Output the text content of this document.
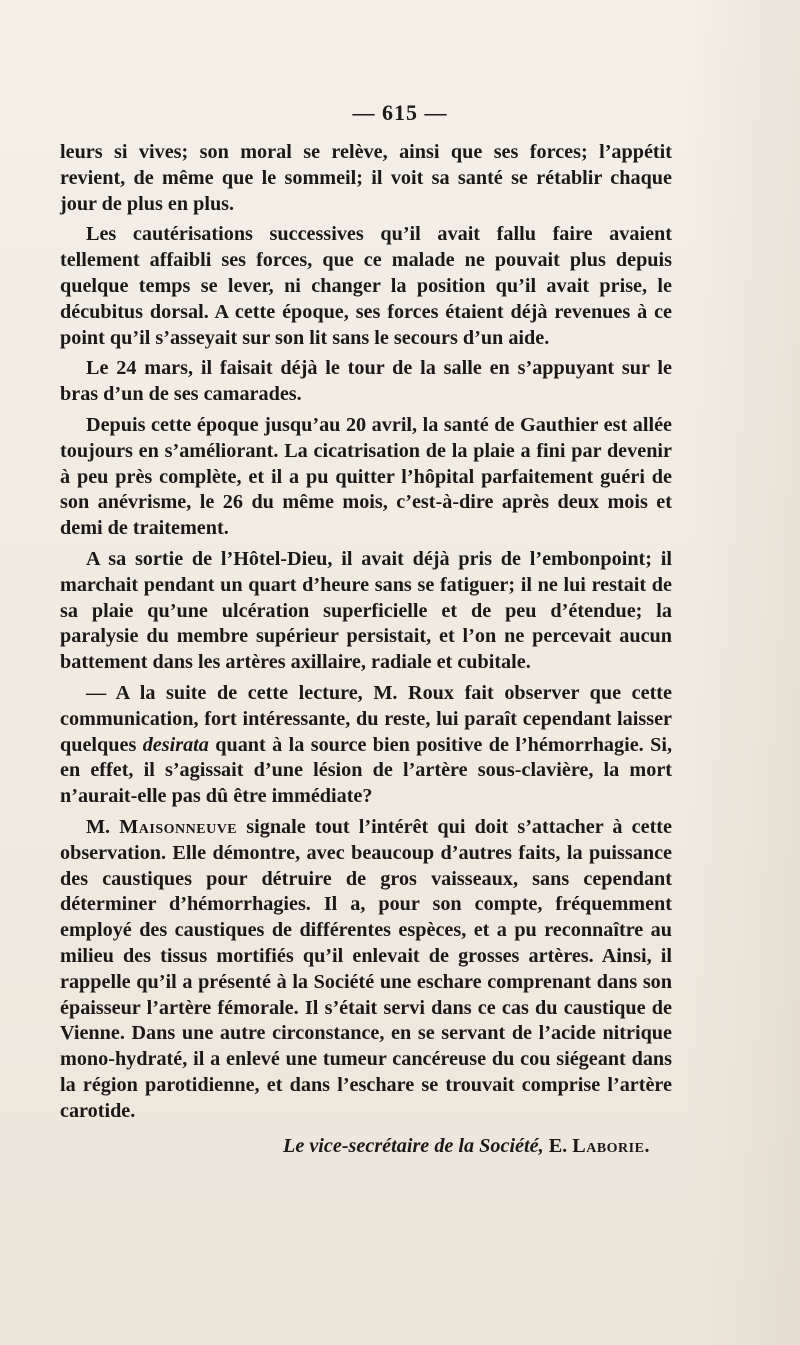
— 615 —

leurs si vives; son moral se relève, ainsi que ses forces; l’appétit revient, de même que le sommeil; il voit sa santé se rétablir chaque jour de plus en plus.

Les cautérisations successives qu’il avait fallu faire avaient tellement affaibli ses forces, que ce malade ne pouvait plus depuis quelque temps se lever, ni changer la position qu’il avait prise, le décubitus dorsal. A cette époque, ses forces étaient déjà revenues à ce point qu’il s’asseyait sur son lit sans le secours d’un aide.

Le 24 mars, il faisait déjà le tour de la salle en s’appuyant sur le bras d’un de ses camarades.

Depuis cette époque jusqu’au 20 avril, la santé de Gauthier est allée toujours en s’améliorant. La cicatrisation de la plaie a fini par devenir à peu près complète, et il a pu quitter l’hôpital parfaitement guéri de son anévrisme, le 26 du même mois, c’est-à-dire après deux mois et demi de traitement.

A sa sortie de l’Hôtel-Dieu, il avait déjà pris de l’embonpoint; il marchait pendant un quart d’heure sans se fatiguer; il ne lui restait de sa plaie qu’une ulcération superficielle et de peu d’étendue; la paralysie du membre supérieur persistait, et l’on ne percevait aucun battement dans les artères axillaire, radiale et cubitale.

— A la suite de cette lecture, M. Roux fait observer que cette communication, fort intéressante, du reste, lui paraît cependant laisser quelques desirata quant à la source bien positive de l’hémorrhagie. Si, en effet, il s’agissait d’une lésion de l’artère sous-clavière, la mort n’aurait-elle pas dû être immédiate?

M. Maisonneuve signale tout l’intérêt qui doit s’attacher à cette observation. Elle démontre, avec beaucoup d’autres faits, la puissance des caustiques pour détruire de gros vaisseaux, sans cependant déterminer d’hémorrhagies. Il a, pour son compte, fréquemment employé des caustiques de différentes espèces, et a pu reconnaître au milieu des tissus mortifiés qu’il enlevait de grosses artères. Ainsi, il rappelle qu’il a présenté à la Société une eschare comprenant dans son épaisseur l’artère fémorale. Il s’était servi dans ce cas du caustique de Vienne. Dans une autre circonstance, en se servant de l’acide nitrique mono-hydraté, il a enlevé une tumeur cancéreuse du cou siégeant dans la région parotidienne, et dans l’eschare se trouvait comprise l’artère carotide.

Le vice-secrétaire de la Société, E. Laborie.
